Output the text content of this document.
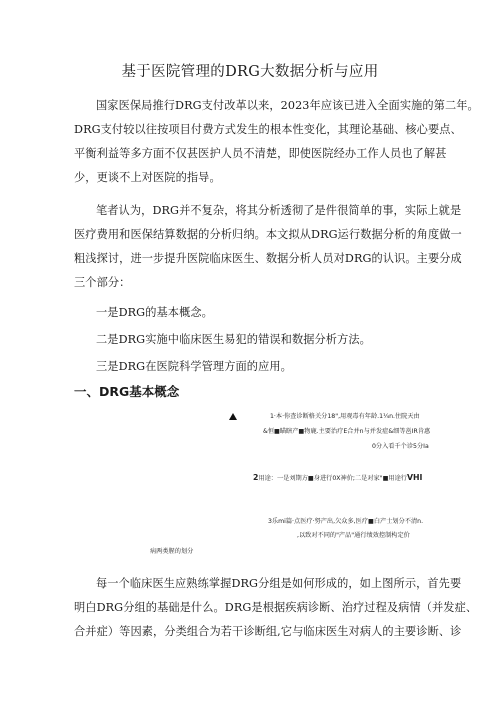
基于医院管理的DRG大数据分析与应用
国家医保局推行DRG支付改革以来，2023年应该已进入全面实施的第二年。
DRG支付较以往按项目付费方式发生的根本性变化，其理论基础、核心要点、
平衡利益等多方面不仅甚医护人员不清楚，即使医院经办工作人员也了解甚
少，更谈不上对医院的指导。
笔者认为，DRG并不复杂，将其分析透彻了是件很简单的事，实际上就是
医疗费用和医保结算数据的分析归纳。本文拟从DRG运行数据分析的角度做一
粗浅探讨，进一步提升医院临床医生、数据分析人员对DRG的认识。主要分成
三个部分：
一是DRG的基本概念。
二是DRG实施中临床医生易犯的错误和数据分析方法。
三是DRG在医院科学管理方面的应用。
一、DRG基本概念
1·本·你查诊断格关分18",用观毒有年龄.1¼n.住院天由
&恒■瞄瞎产■物鹿.主要治疗E合并n与并发症&细等邕IR肯惠
0分入看千个诊5分Ia
2用途：一是刘期方■身进行0X神价;二是对家"■用途行VHI
3乐mi篇·点医疗·努产出,欠众多,医疗■白产士划分不清n.
,以致对不同的"产品"通行绩效控制构定价
病两类腥的划分
每一个临床医生应熟练掌握DRG分组是如何形成的，如上图所示，首先要
明白DRG分组的基础是什么。DRG是根据疾病诊断、治疗过程及病情（并发症、
合并症）等因素，分类组合为若干诊断组,它与临床医生对病人的主要诊断、诊
